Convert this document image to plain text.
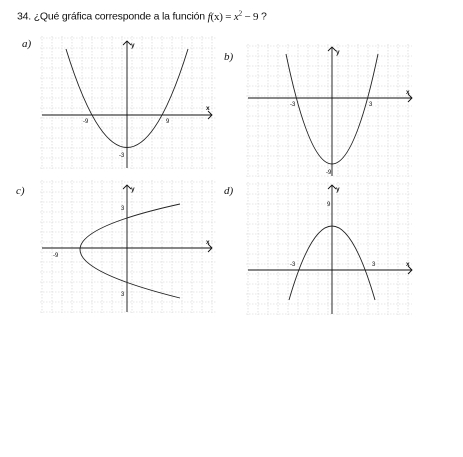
34. ¿Qué gráfica corresponde a la función $f(x) = x^2 - 9$ ?
a)
x
y
-9	9
-3
b)
x
y
-3	3
-9
c)
x
y
3
-9
3
d)
x
y
9
-3	3
